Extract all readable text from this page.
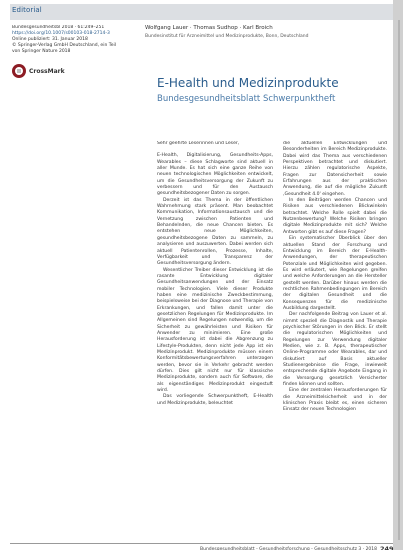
Editorial
Bundesgesundheitsbl 2018 · 61:249–251
https://doi.org/10.1007/s00103-018-2714-3
Online publiziert: 31. Januar 2018
© Springer-Verlag GmbH Deutschland, ein Teil
von Springer Nature 2018
CrossMark
Wolfgang Lauer · Thomas Sudhop · Karl Broich
Bundesinstitut für Arzneimittel und Medizinprodukte, Bonn, Deutschland
E-Health und Medizinprodukte
Bundesgesundheitsblatt Schwerpunktheft

Sehr geehrte Leserinnen und Leser,

E-Health, Digitalisierung, Gesundheits-Apps, Wearables – diese Schlagworte sind aktuell in aller Munde. Es hat sich eine ganze Reihe von neuen technologischen Möglichkeiten entwickelt, um die Gesundheitsversorgung der Zukunft zu verbessern und für den Austausch gesundheitsbezogener Daten zu sorgen.

Derzeit ist das Thema in der öffentlichen Wahrnehmung stark präsent. Man beobachtet Kommunikation, Informationsaustausch und die Vernetzung zwischen Patienten und Behandelnden, die neue Chancen bieten. Es entstehen neue Möglichkeiten, gesundheitsbezogene Daten zu sammeln, zu analysieren und auszuwerten. Dabei werden sich aktuell Patientenrollen, Prozesse, Inhalte, Verfügbarkeit und Transparenz der Gesundheitsversorgung ändern.

Wesentlicher Treiber dieser Entwicklung ist die rasante Entwicklung digitaler Gesundheitsanwendungen und der Einsatz mobiler Technologien. Viele dieser Produkte haben eine medizinische Zweckbestimmung, beispielsweise bei der Diagnose und Therapie von Erkrankungen, und fallen damit unter die gesetzlichen Regelungen für Medizinprodukte. Im Allgemeinen sind Regelungen notwendig, um die Sicherheit zu gewährleisten und Risiken für Anwender zu minimieren. Eine große Herausforderung ist dabei die Abgrenzung zu Lifestyle-Produkten, denn nicht jede App ist ein Medizinprodukt. Medizinprodukte müssen einem Konformitätsbewertungsverfahren unterzogen werden, bevor sie in Verkehr gebracht werden dürfen. Dies gilt nicht nur für klassische Medizinprodukte, sondern auch für Software, die als eigenständiges Medizinprodukt eingestuft wird.

Das vorliegende Schwerpunktheft, E-Health und Medizinprodukte, beleuchtet

die aktuellen Entwicklungen und Besonderheiten im Bereich Medizinprodukte. Dabei wird das Thema aus verschiedenen Perspektiven betrachtet und diskutiert. Hierzu zählen regulatorische Aspekte, Fragen zur Datensicherheit sowie Erfahrungen aus der praktischen Anwendung, die auf die mögliche Zukunft ‚Gesundheit 4.0' eingehen.

In den Beiträgen werden Chancen und Risiken aus verschiedenen Blickwinkeln betrachtet. Welche Rolle spielt dabei die Nutzenbewertung? Welche Risiken bringen digitale Medizinprodukte mit sich? Welche Antworten gibt es auf diese Fragen?

Ein systematischer Überblick über den aktuellen Stand der Forschung und Entwicklung im Bereich der E-Health-Anwendungen, der therapeutischen Potenziale und Möglichkeiten wird gegeben. Es wird erläutert, wie Regelungen greifen und welche Anforderungen an die Hersteller gestellt werden. Darüber hinaus werden die rechtlichen Rahmenbedingungen im Bereich der digitalen Gesundheit und die Konsequenzen für die medizinische Ausbildung dargestellt.

Der nachfolgende Beitrag von Lauer et al. nimmt speziell die Diagnostik und Therapie psychischer Störungen in den Blick. Er stellt die regulatorischen Möglichkeiten und Regelungen zur Verwendung digitaler Medien, wie z. B. Apps, therapeutischer Online-Programme oder Wearables, dar und diskutiert auf Basis aktueller Studienergebnisse die Frage, inwieweit entsprechende digitale Angebote Eingang in die Versorgung gesetzlich Versicherter finden können und sollten.

Eine der zentralen Herausforderungen für die Arzneimittelsicherheit und in der klinischen Praxis bleibt es, einen sicheren Einsatz der neuen Technologien

Bundesgesundheitsblatt - Gesundheitsforschung - Gesundheitsschutz 3 · 2018 249
